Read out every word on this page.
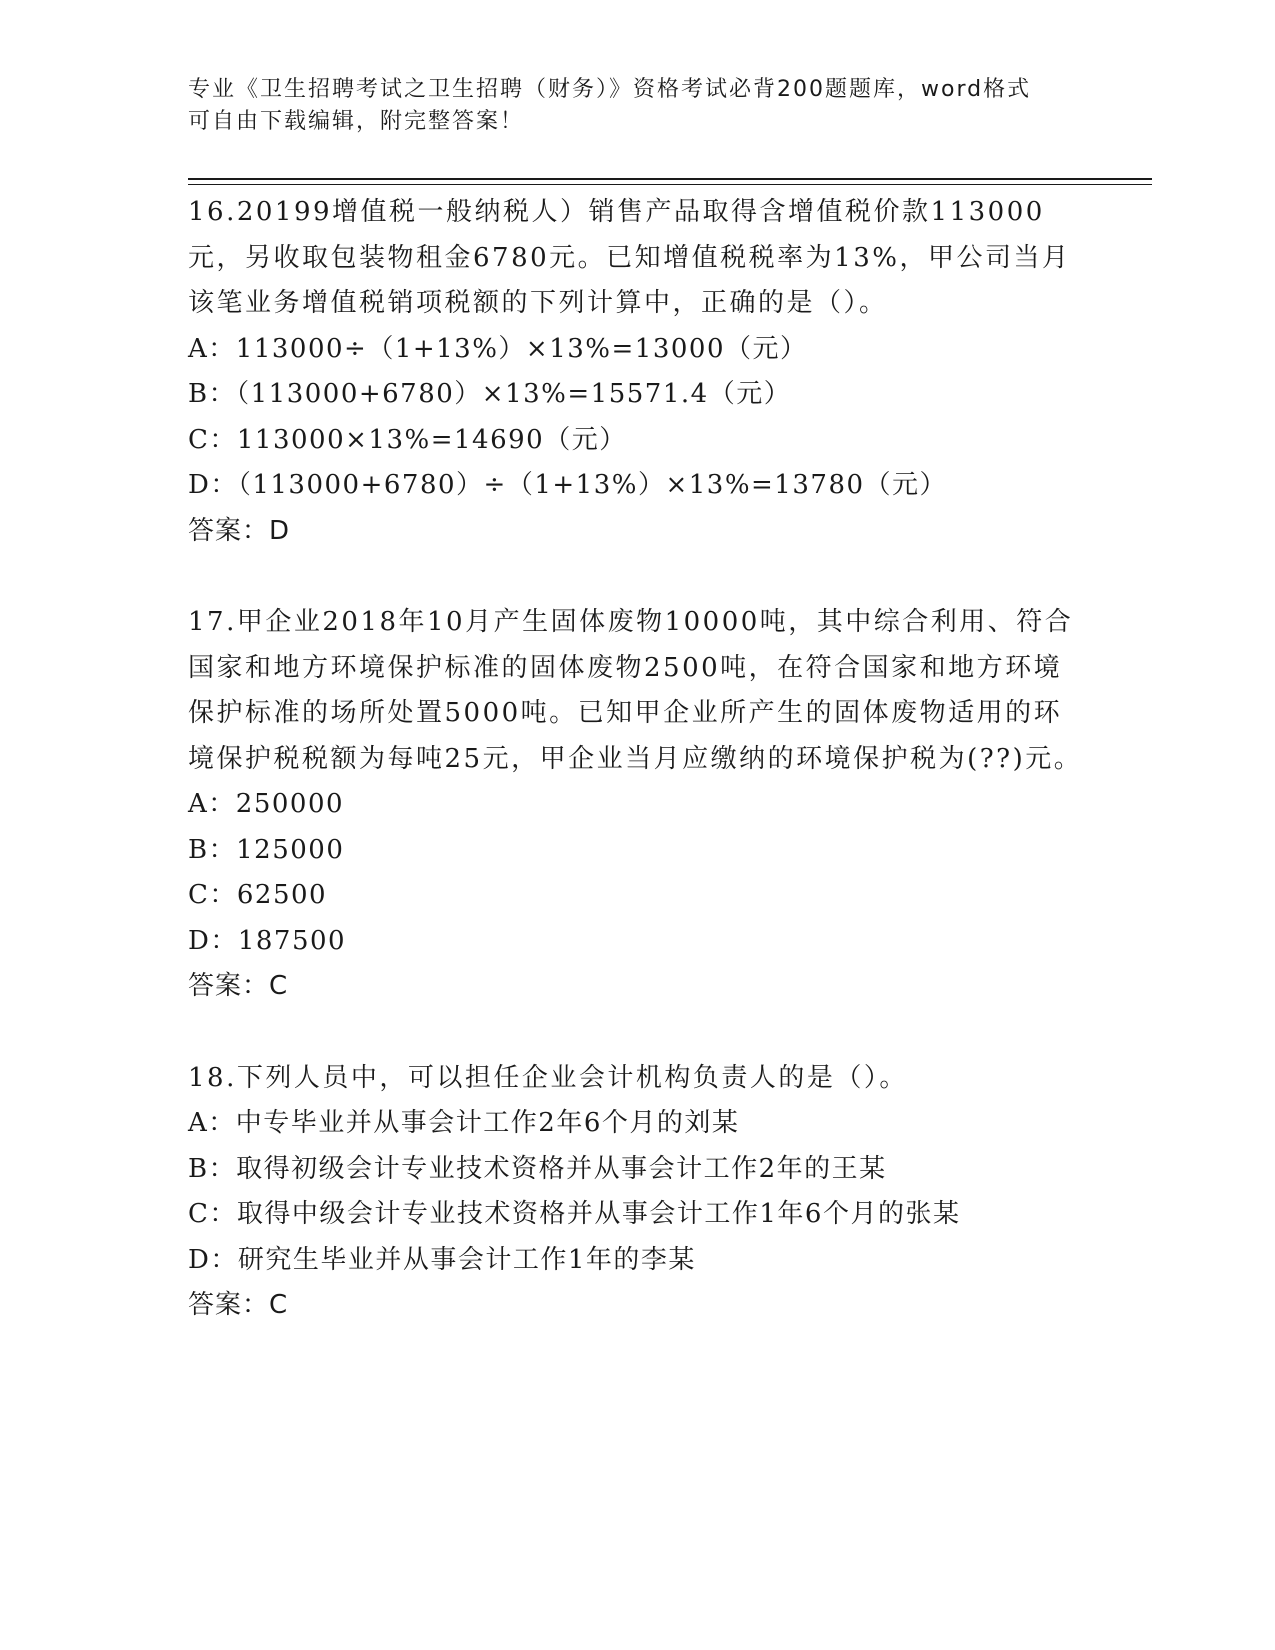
专业《卫生招聘考试之卫生招聘（财务）》资格考试必背200题题库，word格式
可自由下载编辑，附完整答案！

16.20199增值税一般纳税人）销售产品取得含增值税价款113000元，另收取包装物租金6780元。已知增值税税率为13%，甲公司当月该笔业务增值税销项税额的下列计算中，正确的是（）。

A：113000÷（1+13%）×13%=13000（元）

B：（113000+6780）×13%=15571.4（元）

C：113000×13%=14690（元）

D：（113000+6780）÷（1+13%）×13%=13780（元）

答案：D

17.甲企业2018年10月产生固体废物10000吨，其中综合利用、符合国家和地方环境保护标准的固体废物2500吨，在符合国家和地方环境保护标准的场所处置5000吨。已知甲企业所产生的固体废物适用的环境保护税税额为每吨25元，甲企业当月应缴纳的环境保护税为(??)元。

A：250000

B：125000

C：62500

D：187500

答案：C

18.下列人员中，可以担任企业会计机构负责人的是（）。

A：中专毕业并从事会计工作2年6个月的刘某

B：取得初级会计专业技术资格并从事会计工作2年的王某

C：取得中级会计专业技术资格并从事会计工作1年6个月的张某

D：研究生毕业并从事会计工作1年的李某

答案：C
